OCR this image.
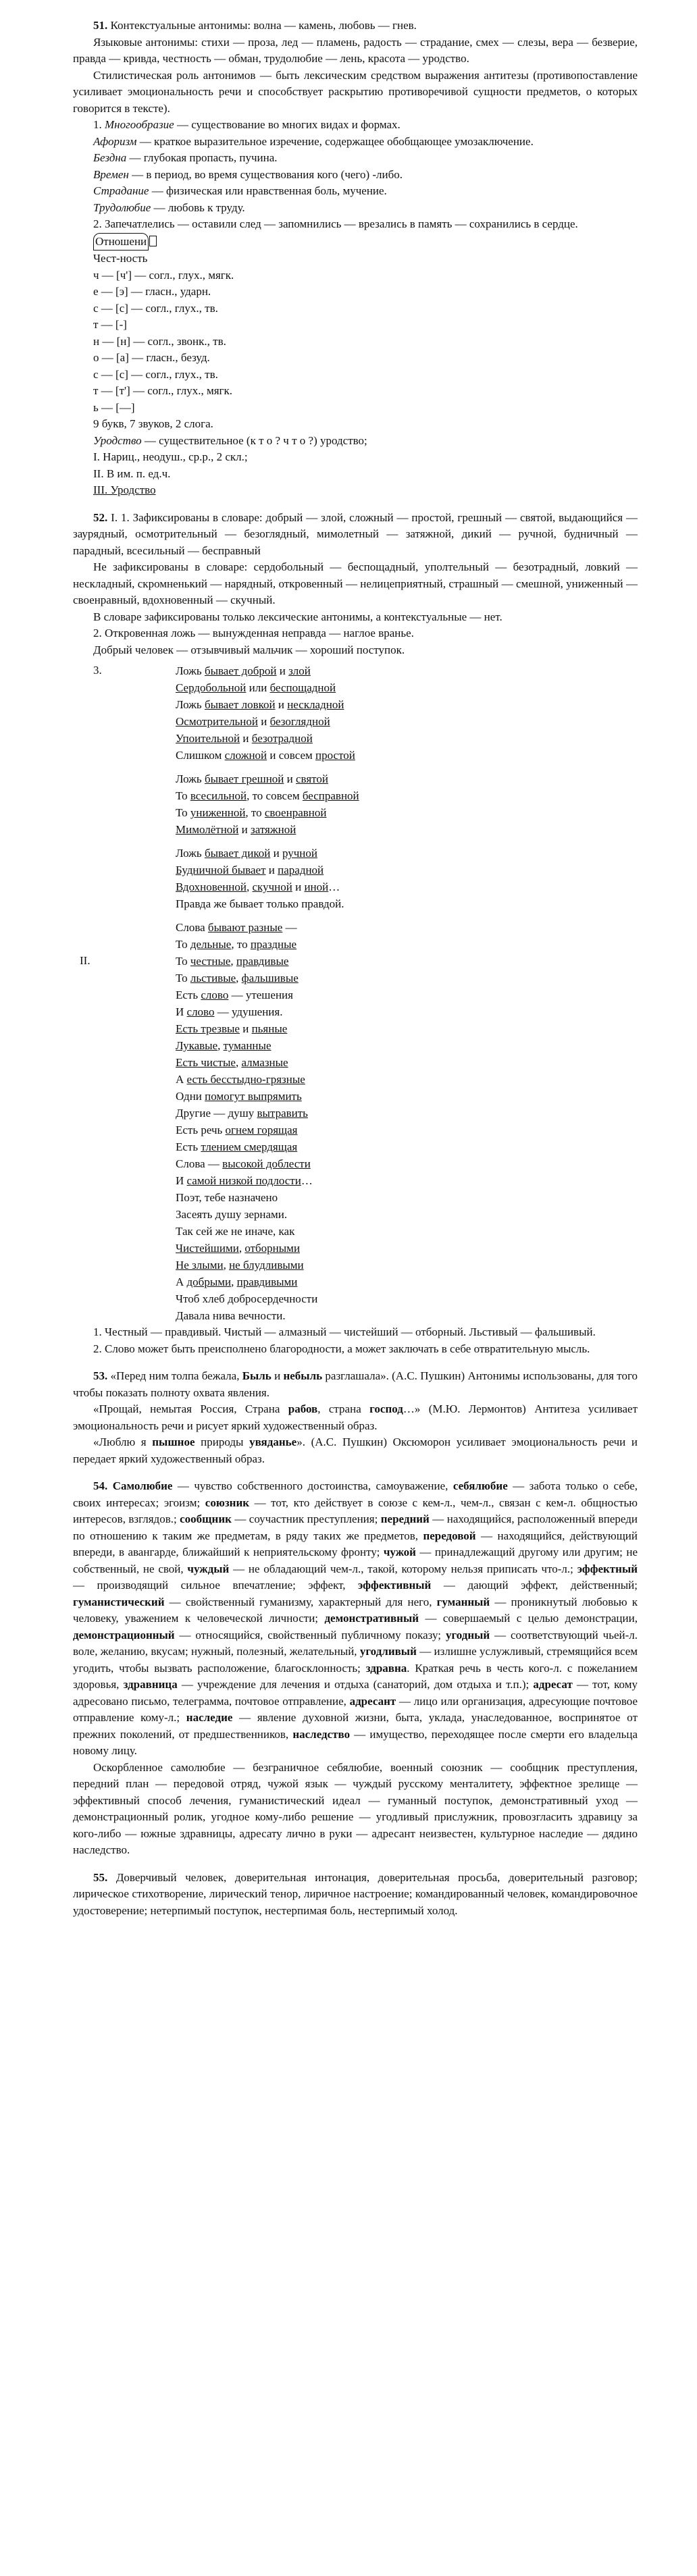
51. Контекстуальные антонимы: волна — камень, любовь — гнев.

Языковые антонимы: стихи — проза, лед — пламень, радость — страдание, смех — слезы, вера — безверие, правда — кривда, честность — обман, трудолюбие — лень, красота — уродство.

Стилистическая роль антонимов — быть лексическим средством выражения антитезы (противопоставление усиливает эмоциональность речи и способствует раскрытию противоречивой сущности предметов, о которых говорится в тексте).

1. Многообразие — существование во многих видах и формах.

Афоризм — краткое выразительное изречение, содержащее обобщающее умозаключение.

Бездна — глубокая пропасть, пучина.

Времен — в период, во время существования кого (чего) -либо.

Страдание — физическая или нравственная боль, мучение.

Трудолюбие — любовь к труду.

2. Запечатлелись — оставили след — запомнились — врезались в память — сохранились в сердце.

Отношени
Чест-ность
ч — [ч'] — согл., глух., мягк.
е — [э] — гласн., ударн.
с — [с] — согл., глух., тв.
т — [-]
н — [н] — согл., звонк., тв.
о — [а] — гласн., безуд.
с — [с] — согл., глух., тв.
т — [т'] — согл., глух., мягк.
ь — [—]
9 букв, 7 звуков, 2 слога.
Уродство — существительное (к т о ? ч т о ?) уродство;
I. Нариц., неодуш., ср.р., 2 скл.;
II. В им. п. ед.ч.
III. Уродство

52. I. 1. Зафиксированы в словаре: добрый — злой, сложный — простой, грешный — святой, выдающийся — заурядный, осмотрительный — безоглядный, мимолетный — затяжной, дикий — ручной, будничный — парадный, всесильный — бесправный

Не зафиксированы в словаре: сердобольный — беспощадный, уполтельный — безотрадный, ловкий — нескладный, скромненький — нарядный, откровенный — нелицеприятный, страшный — смешной, униженный — своенравный, вдохновенный — скучный.

В словаре зафиксированы только лексические антонимы, а контекстуальные — нет.

2. Откровенная ложь — вынужденная неправда — наглое вранье.

Добрый человек — отзывчивый мальчик — хороший поступок.

3.
II.
Ложь бывает доброй и злой
Сердобольной или беспощадной
Ложь бывает ловкой и нескладной
Осмотрительной и безоглядной
Упоительной и безотрадной
Слишком сложной и совсем простой
Ложь бывает грешной и святой
То всесильной, то совсем бесправной
То униженной, то своенравной
Мимолётной и затяжной
Ложь бывает дикой и ручной
Будничной бывает и парадной
Вдохновенной, скучной и иной…
Правда же бывает только правдой.
Слова бывают разные —
То дельные, то праздные
То честные, правдивые
То льстивые, фальшивые
Есть слово — утешения
И слово — удушения.
Есть трезвые и пьяные
Лукавые, туманные
Есть чистые, алмазные
А есть бесстыдно-грязные
Одни помогут выпрямить
Другие — душу вытравить
Есть речь огнем горящая
Есть тлением смердящая
Слова — высокой доблести
И самой низкой подлости…
Поэт, тебе назначено
Засеять душу зернами.
Так сей же не иначе, как
Чистейшими, отборными
Не злыми, не блудливыми
А добрыми, правдивыми
Чтоб хлеб добросердечности
Давала нива вечности.

1. Честный — правдивый. Чистый — алмазный — чистейший — отборный. Льстивый — фальшивый.

2. Слово может быть преисполнено благородности, а может заключать в себе отвратительную мысль.

53. «Перед ним толпа бежала, Быль и небыль разглашала». (А.С. Пушкин) Антонимы использованы, для того чтобы показать полноту охвата явления.

«Прощай, немытая Россия, Страна рабов, страна господ…» (М.Ю. Лермонтов) Антитеза усиливает эмоциональность речи и рисует яркий художественный образ.

«Люблю я пышное природы увяданье». (А.С. Пушкин) Оксюморон усиливает эмоциональность речи и передает яркий художественный образ.

54. Самолюбие — чувство собственного достоинства, самоуважение, себялюбие — забота только о себе, своих интересах; эгоизм; союзник — тот, кто действует в союзе с кем-л., чем-л., связан с кем-л. общностью интересов, взглядов.; сообщник — соучастник преступления; передний — находящийся, расположенный впереди по отношению к таким же предметам, в ряду таких же предметов, передовой — находящийся, действующий впереди, в авангарде, ближайший к неприятельскому фронту; чужой — принадлежащий другому или другим; не собственный, не свой, чуждый — не обладающий чем-л., такой, которому нельзя приписать что-л.; эффектный — производящий сильное впечатление; эффект, эффективный — дающий эффект, действенный; гуманистический — свойственный гуманизму, характерный для него, гуманный — проникнутый любовью к человеку, уважением к человеческой личности; демонстративный — совершаемый с целью демонстрации, демонстрационный — относящийся, свойственный публичному показу; угодный — соответствующий чьей-л. воле, желанию, вкусам; нужный, полезный, желательный, угодливый — излишне услужливый, стремящийся всем угодить, чтобы вызвать расположение, благосклонность; здравна. Краткая речь в честь кого-л. с пожеланием здоровья, здравница — учреждение для лечения и отдыха (санаторий, дом отдыха и т.п.); адресат — тот, кому адресовано письмо, телеграмма, почтовое отправление, адресант — лицо или организация, адресующие почтовое отправление кому-л.; наследие — явление духовной жизни, быта, уклада, унаследованное, воспринятое от прежних поколений, от предшественников, наследство — имущество, переходящее после смерти его владельца новому лицу.

Оскорбленное самолюбие — безграничное себялюбие, военный союзник — сообщник преступления, передний план — передовой отряд, чужой язык — чуждый русскому менталитету, эффектное зрелище — эффективный способ лечения, гуманистический идеал — гуманный поступок, демонстративный уход — демонстрационный ролик, угодное кому-либо решение — угодливый прислужник, провозгласить здравицу за кого-либо — южные здравницы, адресату лично в руки — адресант неизвестен, культурное наследие — дядино наследство.

55. Доверчивый человек, доверительная интонация, доверительная просьба, доверительный разговор; лирическое стихотворение, лирический тенор, лиричное настроение; командированный человек, командировочное удостоверение; нетерпимый поступок, нестерпимая боль, нестерпимый холод.
